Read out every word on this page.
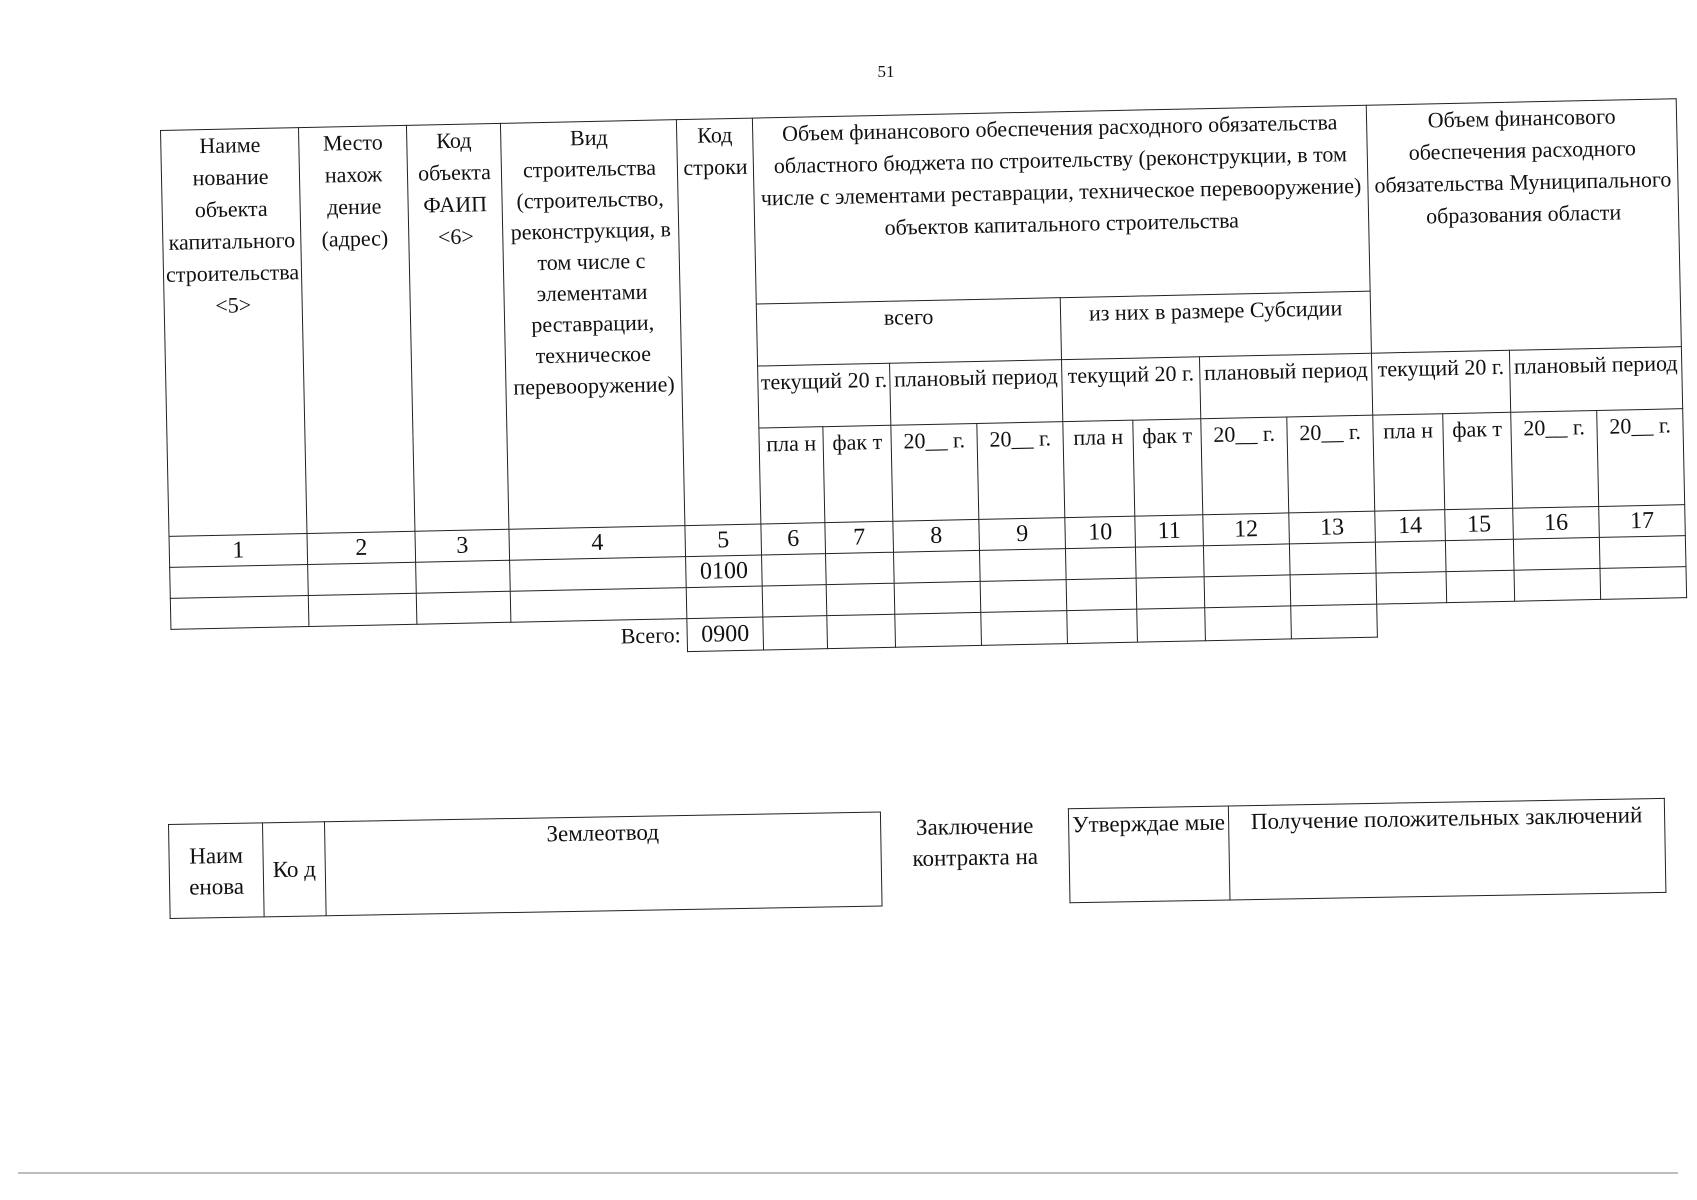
51
Наиме нование объекта капитального строительства <5>	Место нахож дение (адрес)	Код объекта ФАИП <6>	Вид строительства (строительство, реконструкция, в том числе с элементами реставрации, техническое перевооружение)	Код строки	Объем финансового обеспечения расходного обязательства областного бюджета по строительству (реконструкции, в том числе с элементами реставрации, техническое перевооружение) объектов капитального строительства								Объем финансового обеспечения расходного обязательства Муниципального образования области			
					всего				из них в размере Субсидии							
					текущий 20 г.		плановый период		текущий 20 г.		плановый период		текущий 20 г.		плановый период	
					пла н	фак т	20__ г.	20__ г.	пла н	фак т	20__ г.	20__ г.	пла н	фак т	20__ г.	20__ г.
1	2	3	4	5	6	7	8	9	10	11	12	13	14	15	16	17
				0100												

Всего:				0900												
Наим енова	Ко д	Землеотвод	Заключение контракта на	Утверждае мые	Получение положительных заключений
